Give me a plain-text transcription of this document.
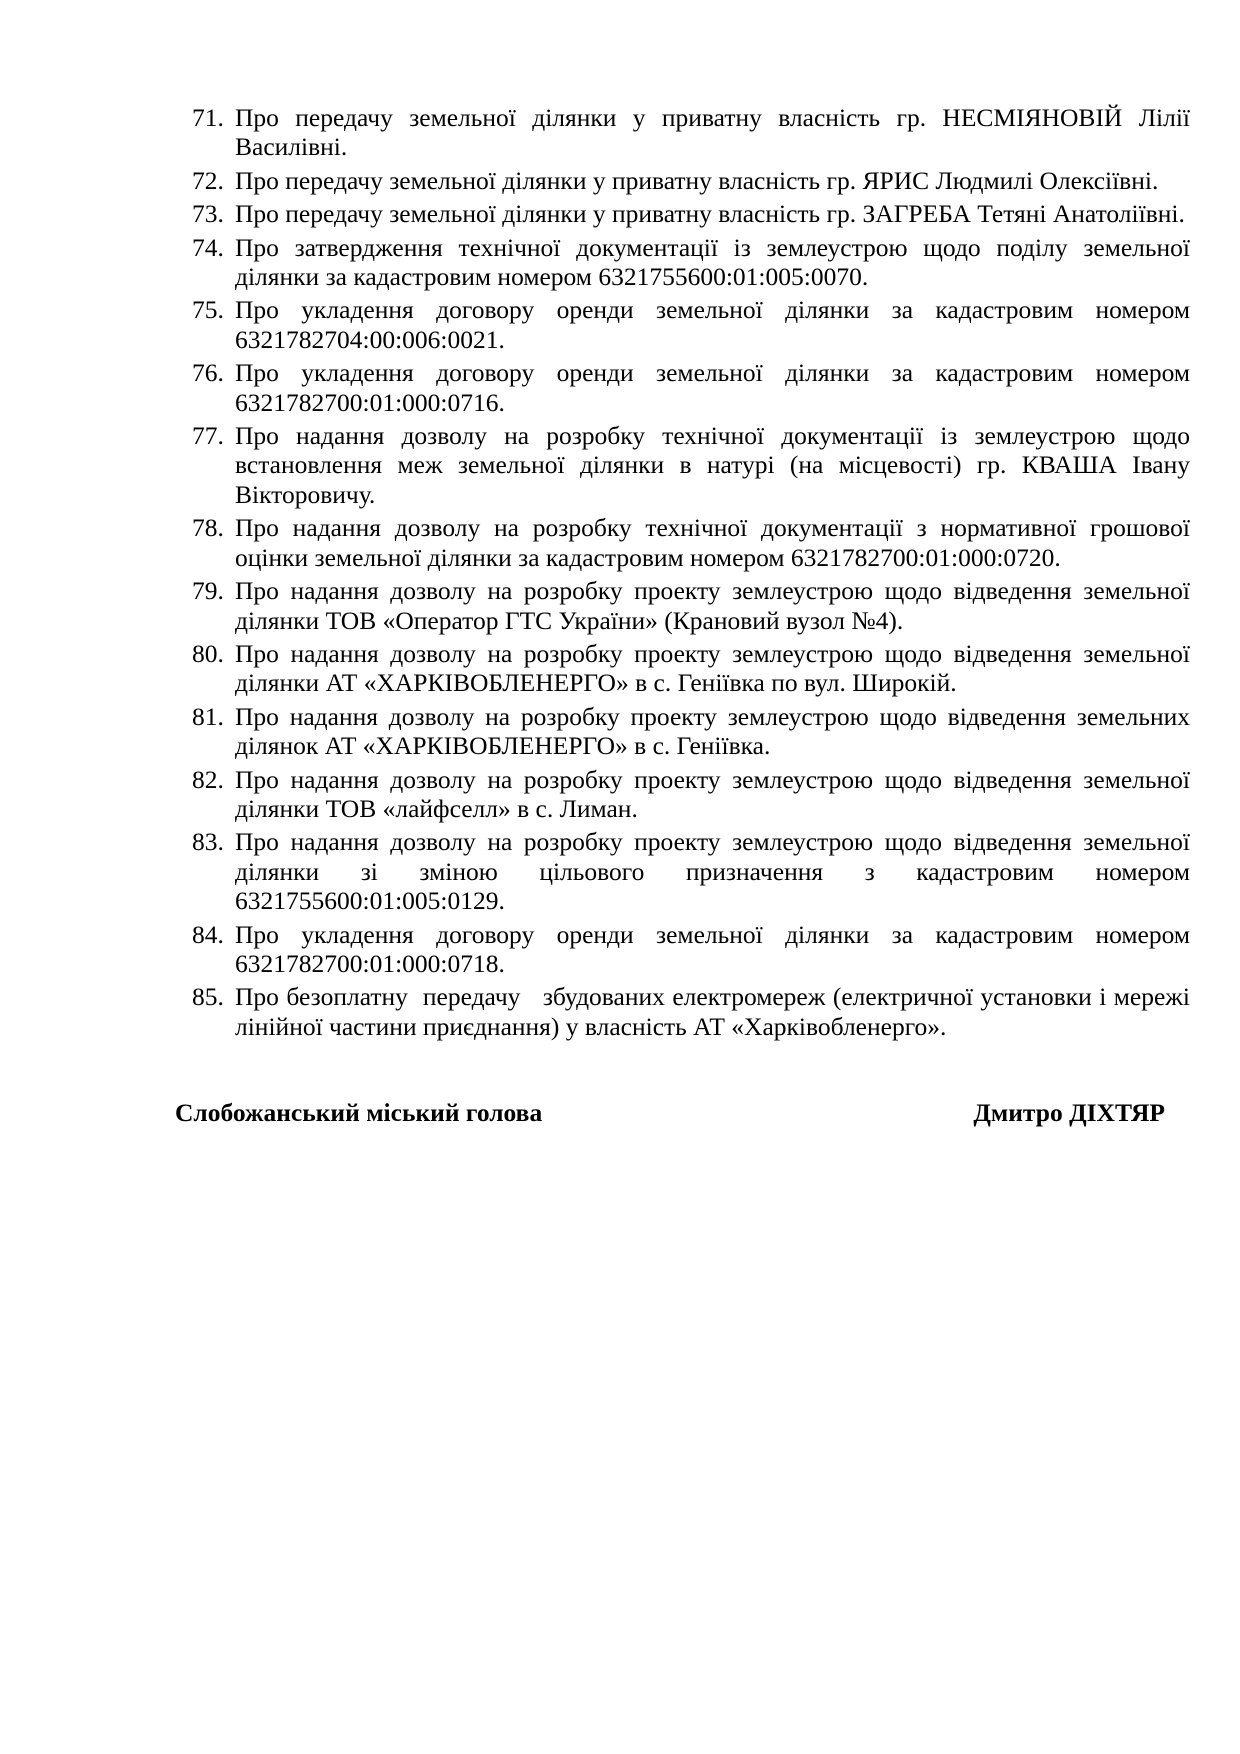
71. Про передачу земельної ділянки у приватну власність гр. НЕСМІЯНОВІЙ Лілії Василівні.
72. Про передачу земельної ділянки у приватну власність гр. ЯРИС Людмилі Олексіївні.
73. Про передачу земельної ділянки у приватну власність гр. ЗАГРЕБА Тетяні Анатоліївні.
74. Про затвердження технічної документації із землеустрою щодо поділу земельної ділянки за кадастровим номером 6321755600:01:005:0070.
75. Про укладення договору оренди земельної ділянки за кадастровим номером 6321782704:00:006:0021.
76. Про укладення договору оренди земельної ділянки за кадастровим номером 6321782700:01:000:0716.
77. Про надання дозволу на розробку технічної документації із землеустрою щодо встановлення меж земельної ділянки в натурі (на місцевості) гр. КВАША Івану Вікторовичу.
78. Про надання дозволу на розробку технічної документації з нормативної грошової оцінки земельної ділянки за кадастровим номером 6321782700:01:000:0720.
79. Про надання дозволу на розробку проекту землеустрою щодо відведення земельної ділянки ТОВ «Оператор ГТС України» (Крановий вузол №4).
80. Про надання дозволу на розробку проекту землеустрою щодо відведення земельної ділянки АТ «ХАРКІВОБЛЕНЕРГО» в с. Геніївка по вул. Широкій.
81. Про надання дозволу на розробку проекту землеустрою щодо відведення земельних ділянок АТ «ХАРКІВОБЛЕНЕРГО» в с. Геніївка.
82. Про надання дозволу на розробку проекту землеустрою щодо відведення земельної ділянки ТОВ «лайфселл» в с. Лиман.
83. Про надання дозволу на розробку проекту землеустрою щодо відведення земельної ділянки зі зміною цільового призначення з кадастровим номером 6321755600:01:005:0129.
84. Про укладення договору оренди земельної ділянки за кадастровим номером 6321782700:01:000:0718.
85. Про безоплатну  передачу   збудованих електромереж (електричної установки і мережі лінійної частини приєднання) у власність АТ «Харківобленерго».
Слобожанський міський голова	Дмитро ДІХТЯР
